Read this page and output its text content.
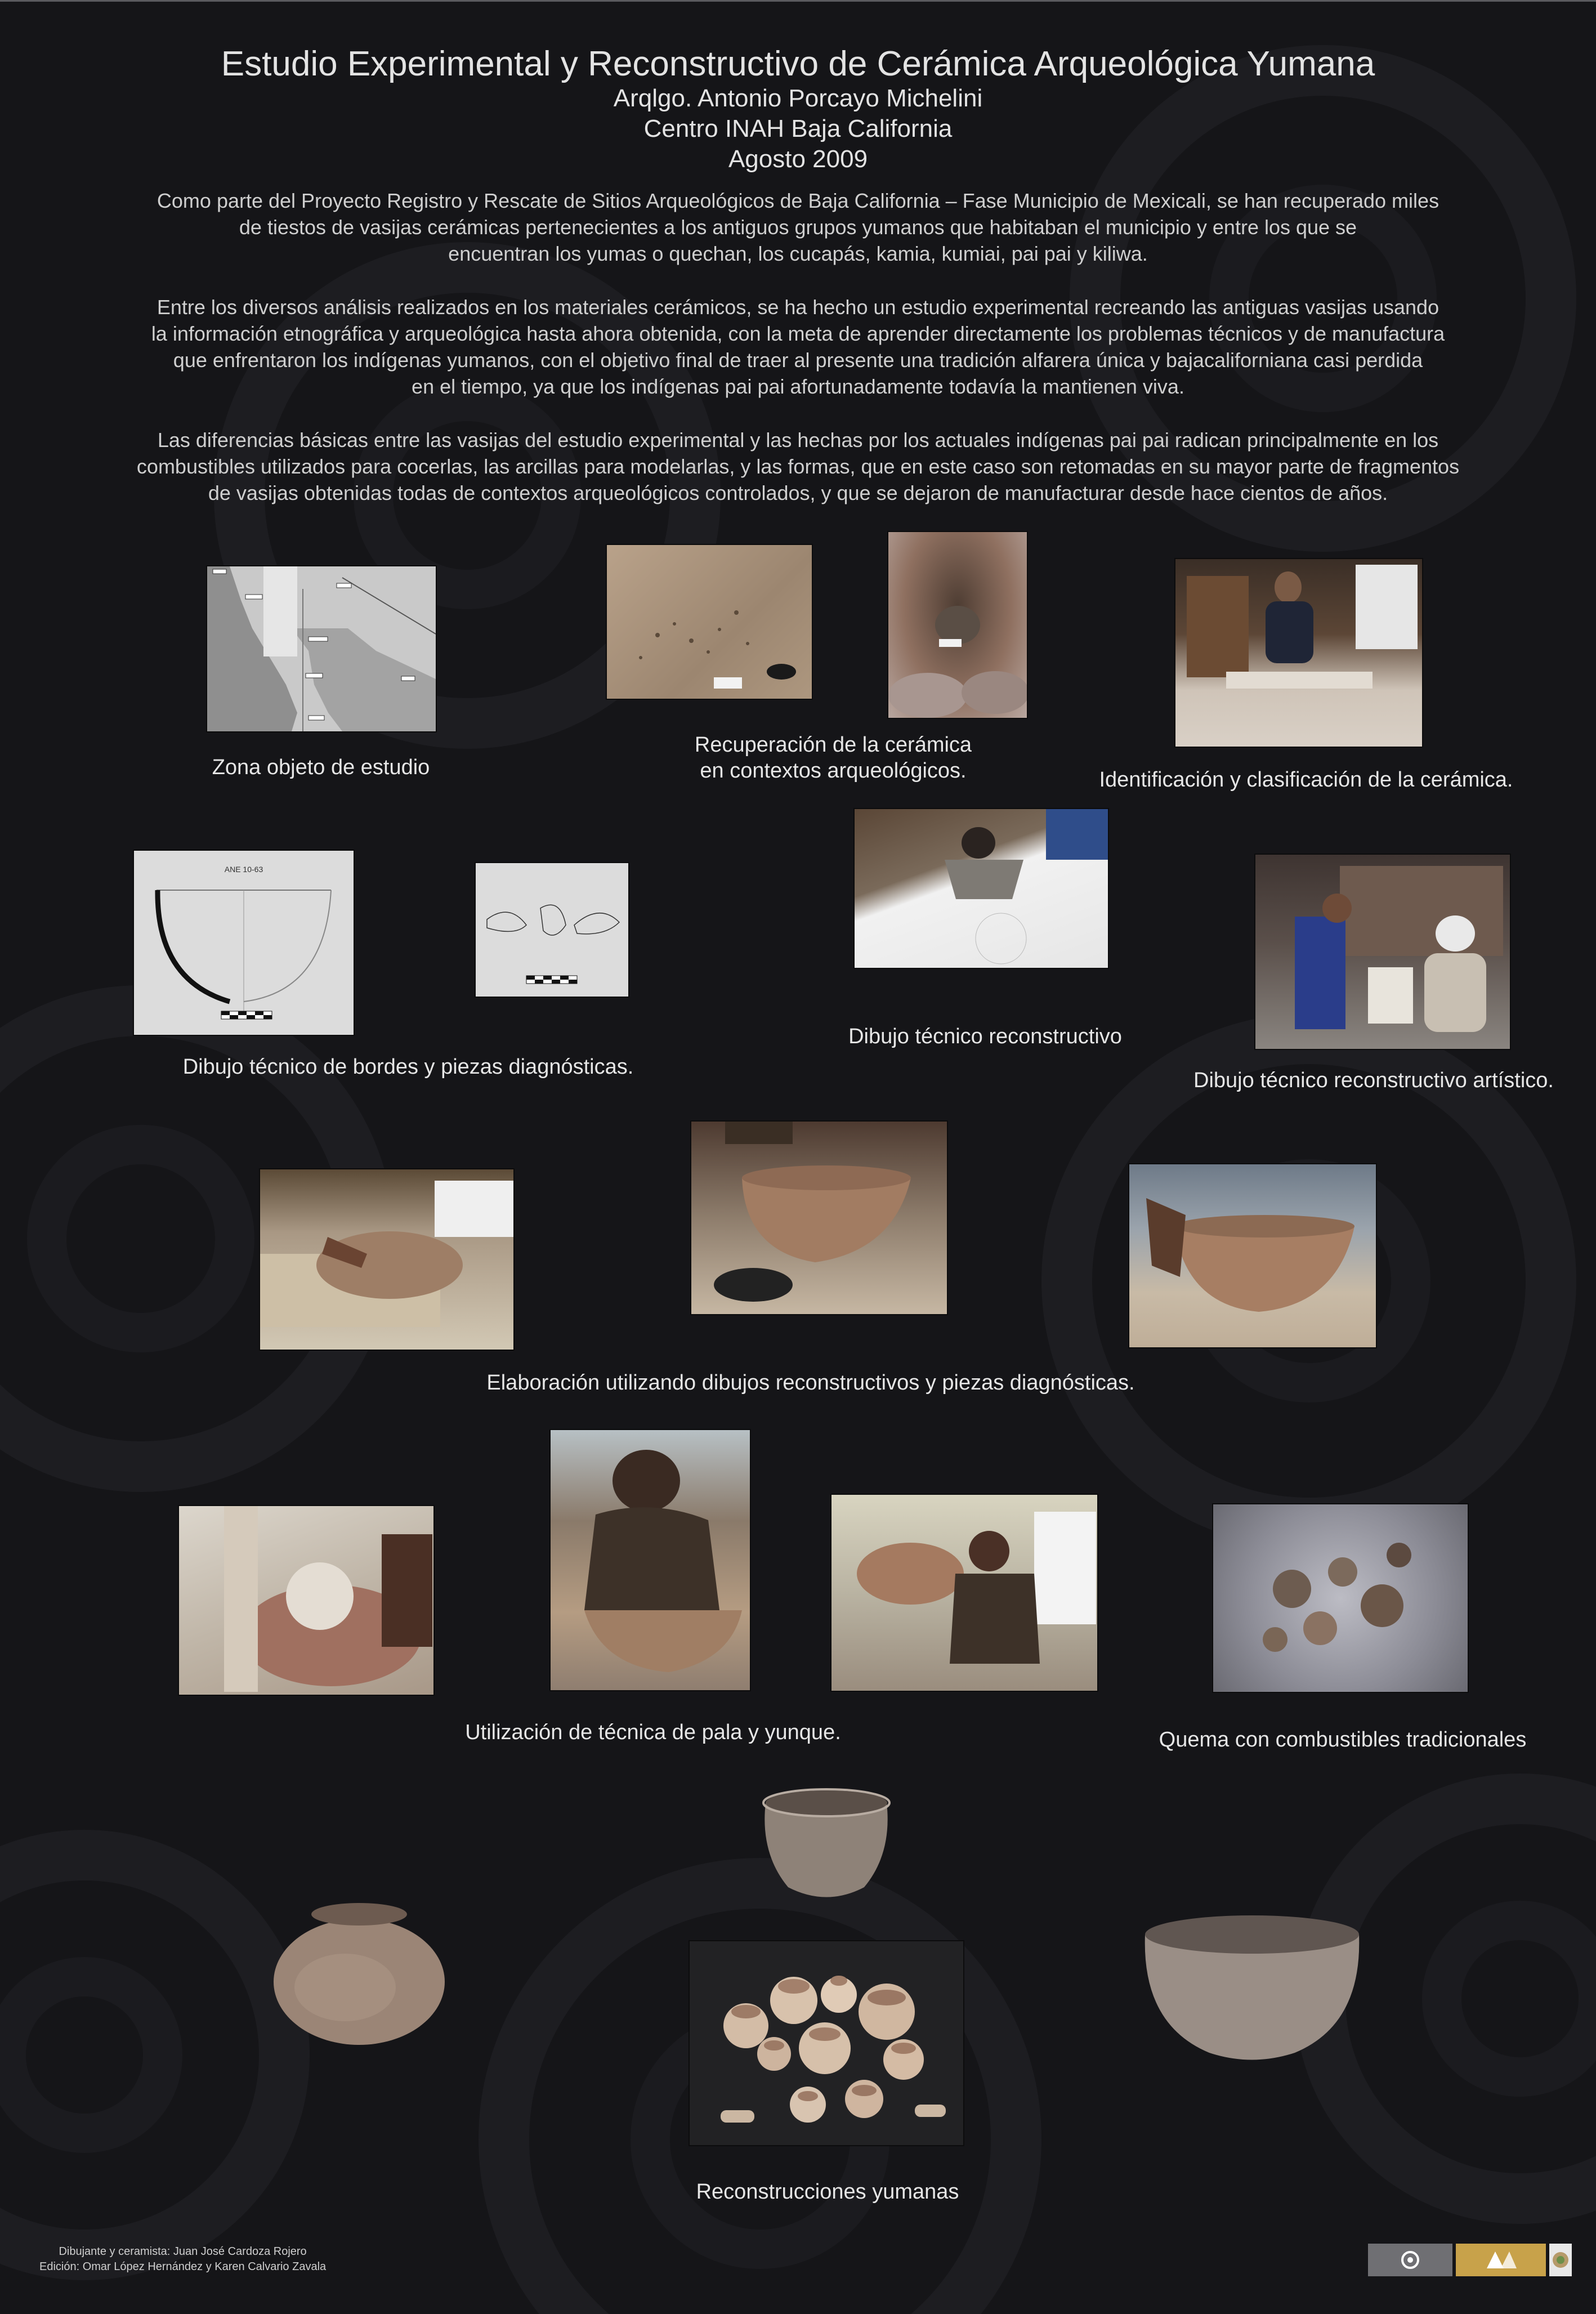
Estudio Experimental y Reconstructivo de Cerámica Arqueológica Yumana
Arqlgo. Antonio Porcayo Michelini
Centro INAH Baja California
Agosto 2009

Como parte del Proyecto Registro y Rescate de Sitios Arqueológicos de Baja California – Fase Municipio de Mexicali, se han recuperado miles
de tiestos de vasijas cerámicas pertenecientes a los antiguos grupos yumanos que habitaban el municipio y entre los que se
encuentran los yumas o quechan, los cucapás, kamia, kumiai, pai pai y kiliwa.

Entre los diversos análisis realizados en los materiales cerámicos, se ha hecho un estudio experimental recreando las antiguas vasijas usando
la información etnográfica y arqueológica hasta ahora obtenida, con la meta de aprender directamente los problemas técnicos y de manufactura
que enfrentaron los indígenas yumanos, con el objetivo final de traer al presente una tradición alfarera única y bajacaliforniana casi perdida
en el tiempo, ya que los indígenas pai pai afortunadamente todavía la mantienen viva.

Las diferencias básicas entre las vasijas del estudio experimental y las hechas por los actuales indígenas pai pai radican principalmente en los
combustibles utilizados para cocerlas, las arcillas para modelarlas, y las formas, que en este caso son retomadas en su mayor parte de fragmentos
de vasijas obtenidas todas de contextos arqueológicos controlados, y que se dejaron de manufacturar desde hace cientos de años.

Zona objeto de estudio
Recuperación de la cerámica
en contextos arqueológicos.	Identificación y clasificación de la cerámica.
ANE 10-63
Dibujo técnico de bordes y piezas diagnósticas.
Dibujo técnico reconstructivo
Dibujo técnico reconstructivo artístico.
Elaboración utilizando dibujos reconstructivos y piezas diagnósticas.
Utilización de técnica de pala y yunque.	Quema con combustibles tradicionales
Reconstrucciones yumanas
Dibujante y ceramista: Juan José Cardoza Rojero
Edición: Omar López Hernández y Karen Calvario Zavala
